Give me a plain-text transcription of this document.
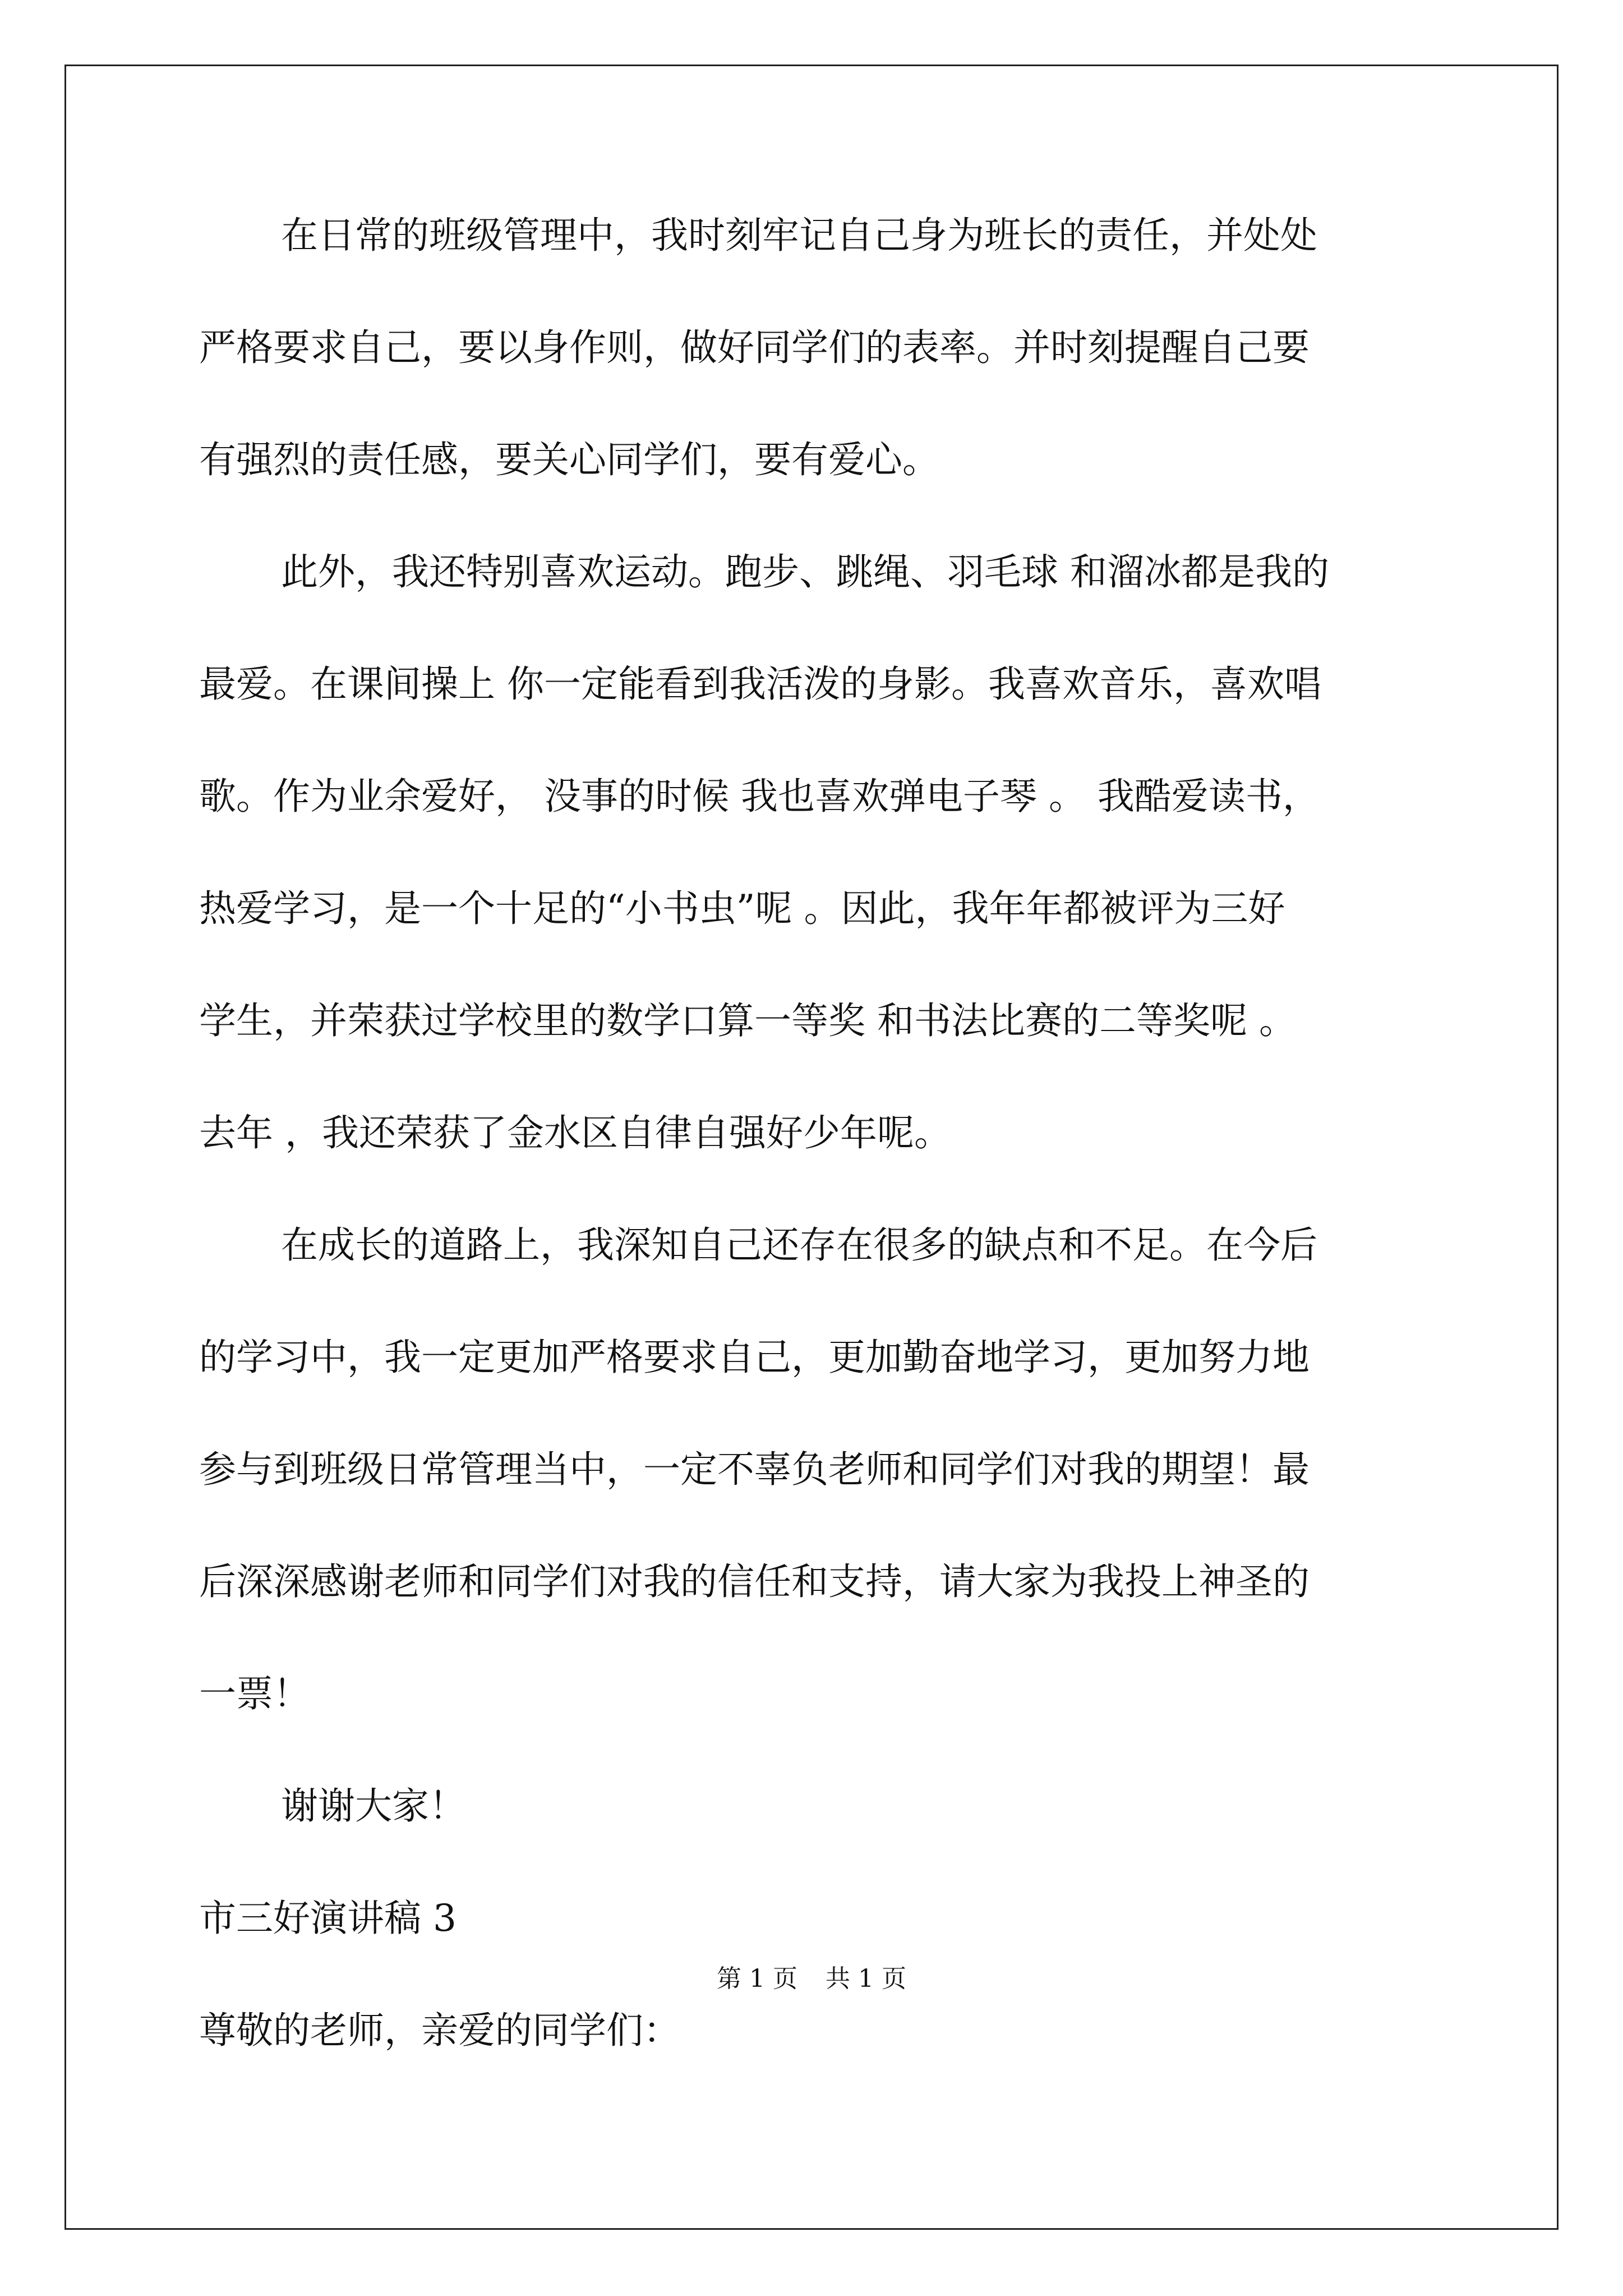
在日常的班级管理中，我时刻牢记自己身为班长的责任，并处处
严格要求自己，要以身作则，做好同学们的表率。并时刻提醒自己要
有强烈的责任感，要关心同学们，要有爱心。
此外，我还特别喜欢运动。跑步、跳绳、羽毛球 和溜冰都是我的
最爱。在课间操上 你一定能看到我活泼的身影。我喜欢音乐，喜欢唱
歌。作为业余爱好， 没事的时候 我也喜欢弹电子琴 。 我酷爱读书，
热爱学习，是一个十足的“小书虫”呢 。因此，我年年都被评为三好
学生，并荣获过学校里的数学口算一等奖 和书法比赛的二等奖呢 。
去年 ，我还荣获了金水区自律自强好少年呢。
在成长的道路上，我深知自己还存在很多的缺点和不足。在今后
的学习中，我一定更加严格要求自己，更加勤奋地学习，更加努力地
参与到班级日常管理当中，一定不辜负老师和同学们对我的期望！最
后深深感谢老师和同学们对我的信任和支持，请大家为我投上神圣的
一票！
谢谢大家！
市三好演讲稿 3
尊敬的老师，亲爱的同学们：
第 1 页 共 1 页
